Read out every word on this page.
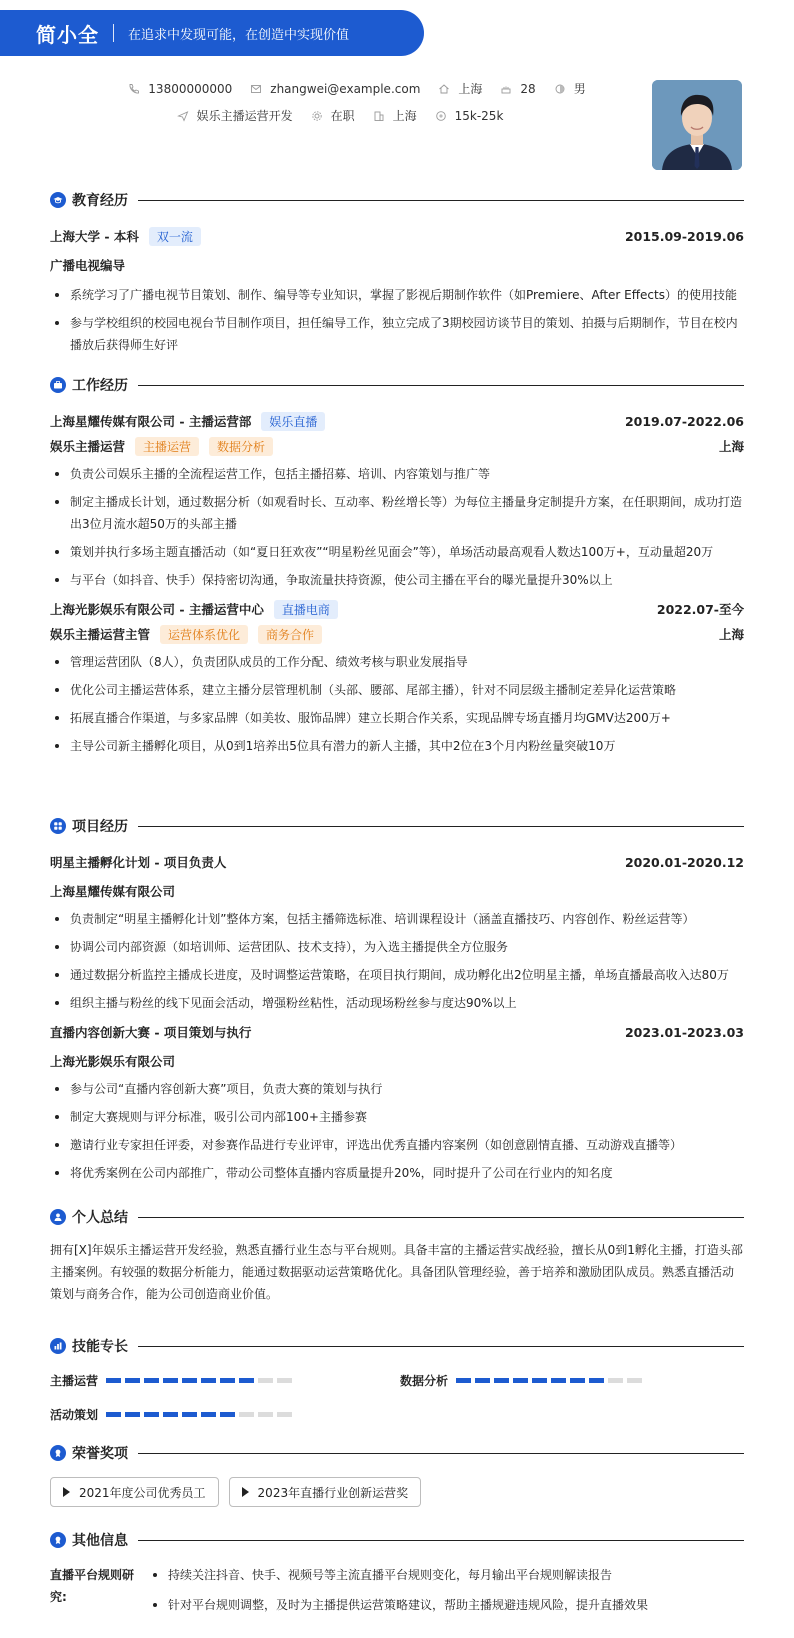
简小全 在追求中发现可能，在创造中实现价值
13800000000	zhangwei@example.com	上海	28	男
娱乐主播运营开发	在职	上海	15k-25k
教育经历
上海大学 - 本科	双一流	2015.09-2019.06
广播电视编导
系统学习了广播电视节目策划、制作、编导等专业知识，掌握了影视后期制作软件（如Premiere、After Effects）的使用技能
参与学校组织的校园电视台节目制作项目，担任编导工作，独立完成了3期校园访谈节目的策划、拍摄与后期制作，节目在校内播放后获得师生好评
工作经历
上海星耀传媒有限公司 - 主播运营部	娱乐直播	2019.07-2022.06
娱乐主播运营	主播运营	数据分析	上海
负责公司娱乐主播的全流程运营工作，包括主播招募、培训、内容策划与推广等
制定主播成长计划，通过数据分析（如观看时长、互动率、粉丝增长等）为每位主播量身定制提升方案，在任职期间，成功打造出3位月流水超50万的头部主播
策划并执行多场主题直播活动（如“夏日狂欢夜”“明星粉丝见面会”等），单场活动最高观看人数达100万+，互动量超20万
与平台（如抖音、快手）保持密切沟通，争取流量扶持资源，使公司主播在平台的曝光量提升30%以上
上海光影娱乐有限公司 - 主播运营中心	直播电商	2022.07-至今
娱乐主播运营主管	运营体系优化	商务合作	上海
管理运营团队（8人），负责团队成员的工作分配、绩效考核与职业发展指导
优化公司主播运营体系，建立主播分层管理机制（头部、腰部、尾部主播），针对不同层级主播制定差异化运营策略
拓展直播合作渠道，与多家品牌（如美妆、服饰品牌）建立长期合作关系，实现品牌专场直播月均GMV达200万+
主导公司新主播孵化项目，从0到1培养出5位具有潜力的新人主播，其中2位在3个月内粉丝量突破10万
项目经历
明星主播孵化计划 - 项目负责人	2020.01-2020.12
上海星耀传媒有限公司
负责制定“明星主播孵化计划”整体方案，包括主播筛选标准、培训课程设计（涵盖直播技巧、内容创作、粉丝运营等）
协调公司内部资源（如培训师、运营团队、技术支持），为入选主播提供全方位服务
通过数据分析监控主播成长进度，及时调整运营策略，在项目执行期间，成功孵化出2位明星主播，单场直播最高收入达80万
组织主播与粉丝的线下见面会活动，增强粉丝粘性，活动现场粉丝参与度达90%以上
直播内容创新大赛 - 项目策划与执行	2023.01-2023.03
上海光影娱乐有限公司
参与公司“直播内容创新大赛”项目，负责大赛的策划与执行
制定大赛规则与评分标准，吸引公司内部100+主播参赛
邀请行业专家担任评委，对参赛作品进行专业评审，评选出优秀直播内容案例（如创意剧情直播、互动游戏直播等）
将优秀案例在公司内部推广，带动公司整体直播内容质量提升20%，同时提升了公司在行业内的知名度
个人总结
拥有[X]年娱乐主播运营开发经验，熟悉直播行业生态与平台规则。具备丰富的主播运营实战经验，擅长从0到1孵化主播，打造头部主播案例。有较强的数据分析能力，能通过数据驱动运营策略优化。具备团队管理经验，善于培养和激励团队成员。熟悉直播活动策划与商务合作，能为公司创造商业价值。
技能专长
主播运营	数据分析
活动策划
荣誉奖项
2021年度公司优秀员工	2023年直播行业创新运营奖
其他信息
直播平台规则研究:
持续关注抖音、快手、视频号等主流直播平台规则变化，每月输出平台规则解读报告
针对平台规则调整，及时为主播提供运营策略建议，帮助主播规避违规风险，提升直播效果
